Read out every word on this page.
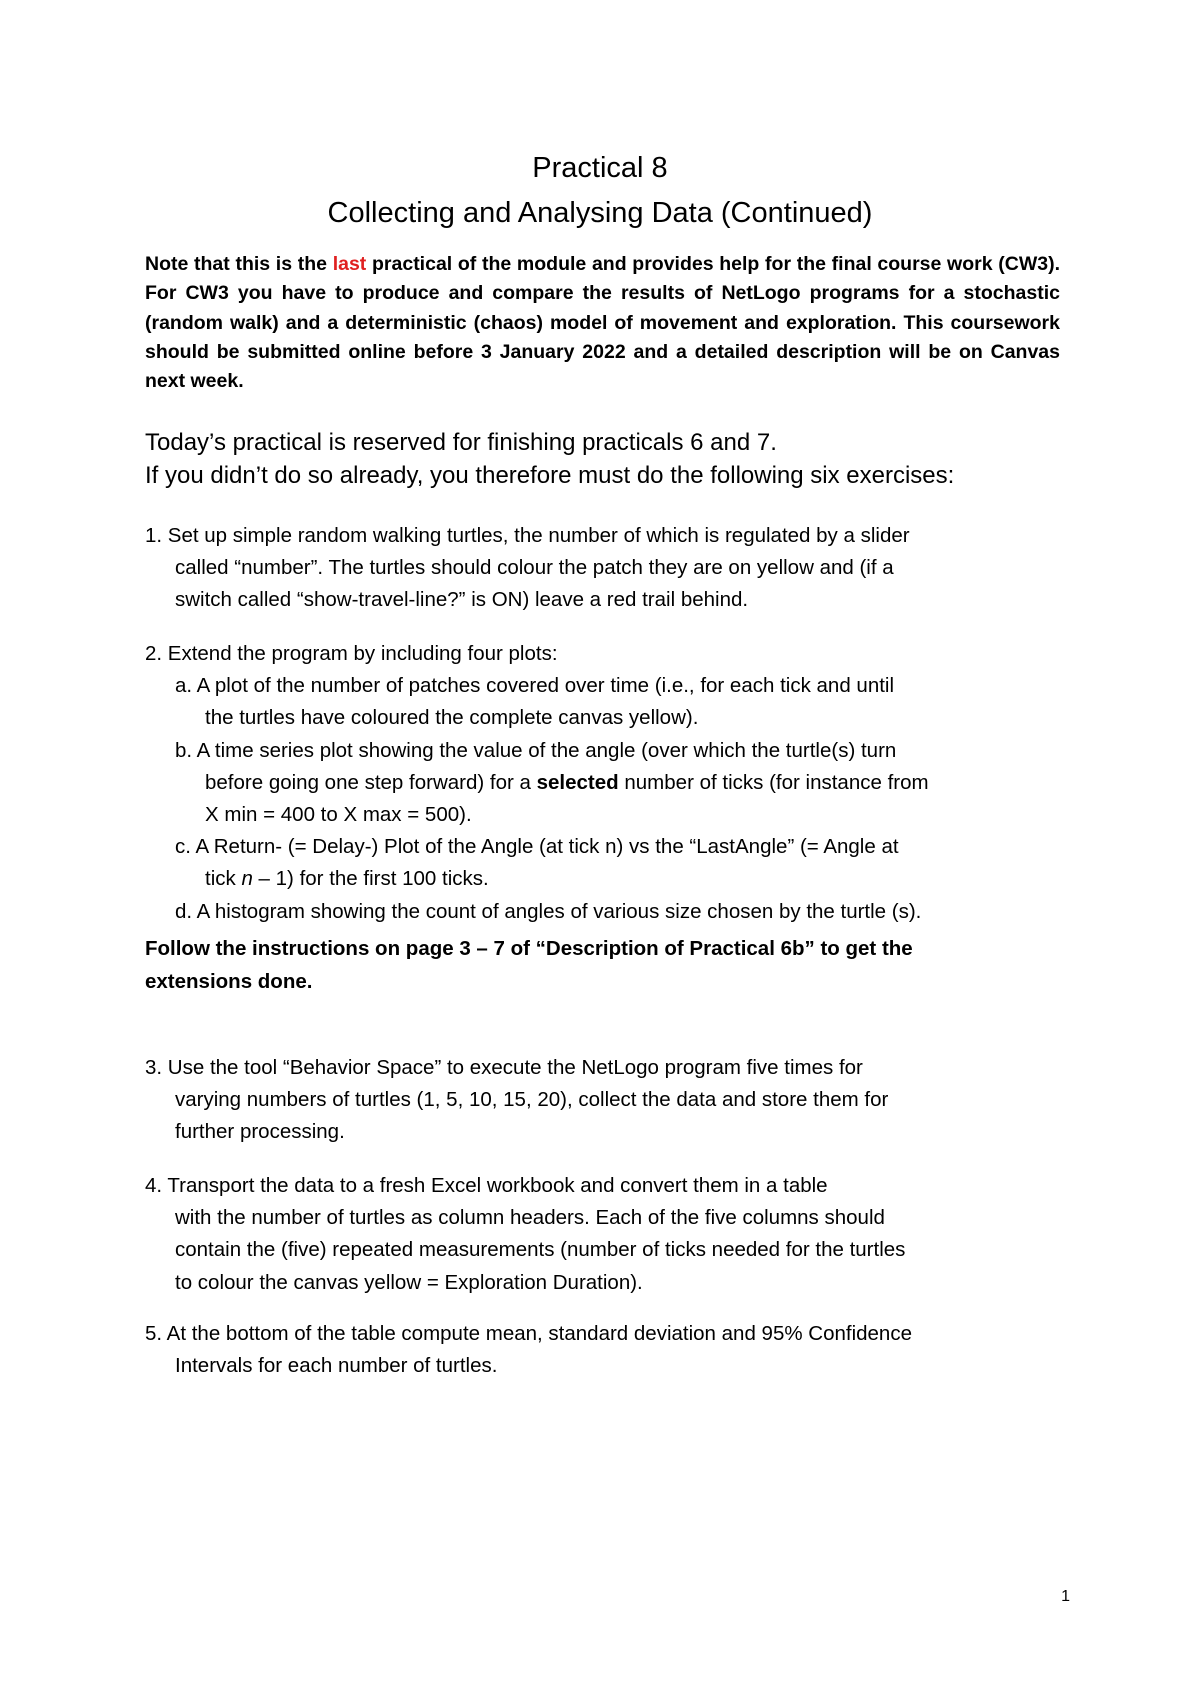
Practical 8
Collecting and Analysing Data (Continued)
Note that this is the last practical of the module and provides help for the final course work (CW3). For CW3 you have to produce and compare the results of NetLogo programs for a stochastic (random walk) and a deterministic (chaos) model of movement and exploration. This coursework should be submitted online before 3 January 2022 and a detailed description will be on Canvas next week.
Today’s practical is reserved for finishing practicals 6 and 7.
If you didn’t do so already, you therefore must do the following six exercises:
1. Set up simple random walking turtles, the number of which is regulated by a slider
called “number”. The turtles should colour the patch they are on yellow and (if a
switch called “show-travel-line?” is ON) leave a red trail behind.
2. Extend the program by including four plots:
a. A plot of the number of patches covered over time (i.e., for each tick and until
the turtles have coloured the complete canvas yellow).
b. A time series plot showing the value of the angle (over which the turtle(s) turn
before going one step forward) for a selected number of ticks (for instance from
X min = 400 to X max = 500).
c. A Return- (= Delay-) Plot of the Angle (at tick n) vs the “LastAngle” (= Angle at
tick n – 1) for the first 100 ticks.
d. A histogram showing the count of angles of various size chosen by the turtle (s).
Follow the instructions on page 3 – 7 of “Description of Practical 6b” to get the
extensions done.
3. Use the tool “Behavior Space” to execute the NetLogo program five times for
varying numbers of turtles (1, 5, 10, 15, 20), collect the data and store them for
further processing.
4. Transport the data to a fresh Excel workbook and convert them in a table
with the number of turtles as column headers. Each of the five columns should
contain the (five) repeated measurements (number of ticks needed for the turtles
to colour the canvas yellow = Exploration Duration).
5. At the bottom of the table compute mean, standard deviation and 95% Confidence
Intervals for each number of turtles.
1
